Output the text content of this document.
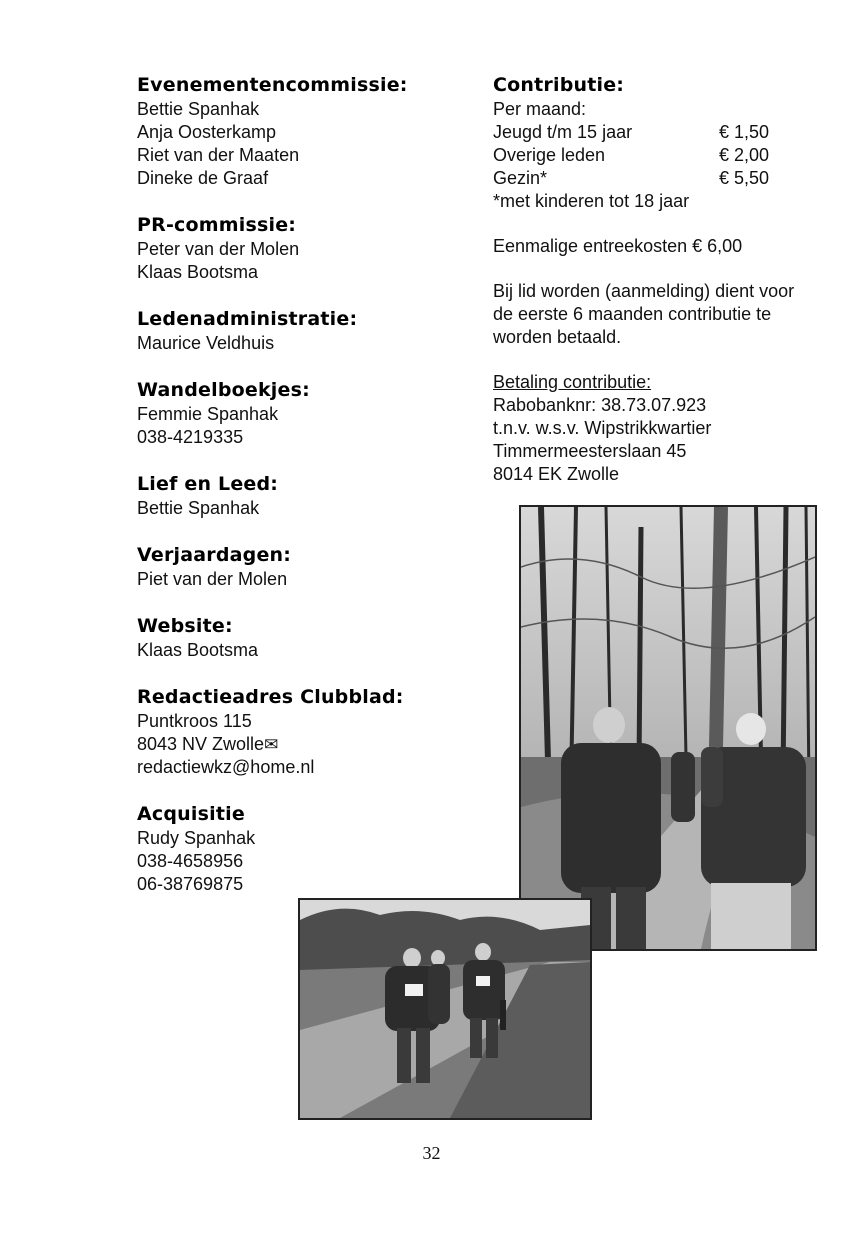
Evenementencommissie:
Bettie Spanhak
Anja Oosterkamp
Riet van der Maaten
Dineke de Graaf
PR-commissie:
Peter van der Molen
Klaas Bootsma
Ledenadministratie:
Maurice Veldhuis
Wandelboekjes:
Femmie Spanhak
038-4219335
Lief en Leed:
Bettie Spanhak
Verjaardagen:
Piet van der Molen
Website:
Klaas Bootsma
Redactieadres Clubblad:
Puntkroos 115
8043 NV Zwolle✉
redactiewkz@home.nl
Acquisitie
Rudy Spanhak
038-4658956
06-38769875
Contributie:
Per maand:
Jeugd t/m 15 jaar	€ 1,50
Overige leden	€ 2,00
Gezin*	€ 5,50
*met kinderen tot 18 jaar
Eenmalige entreekosten € 6,00
Bij lid worden (aanmelding) dient voor
de eerste 6 maanden contributie te
worden betaald.
Betaling contributie:
Rabobanknr: 38.73.07.923
t.n.v. w.s.v. Wipstrikkwartier
Timmermeesterslaan 45
8014 EK Zwolle
32
